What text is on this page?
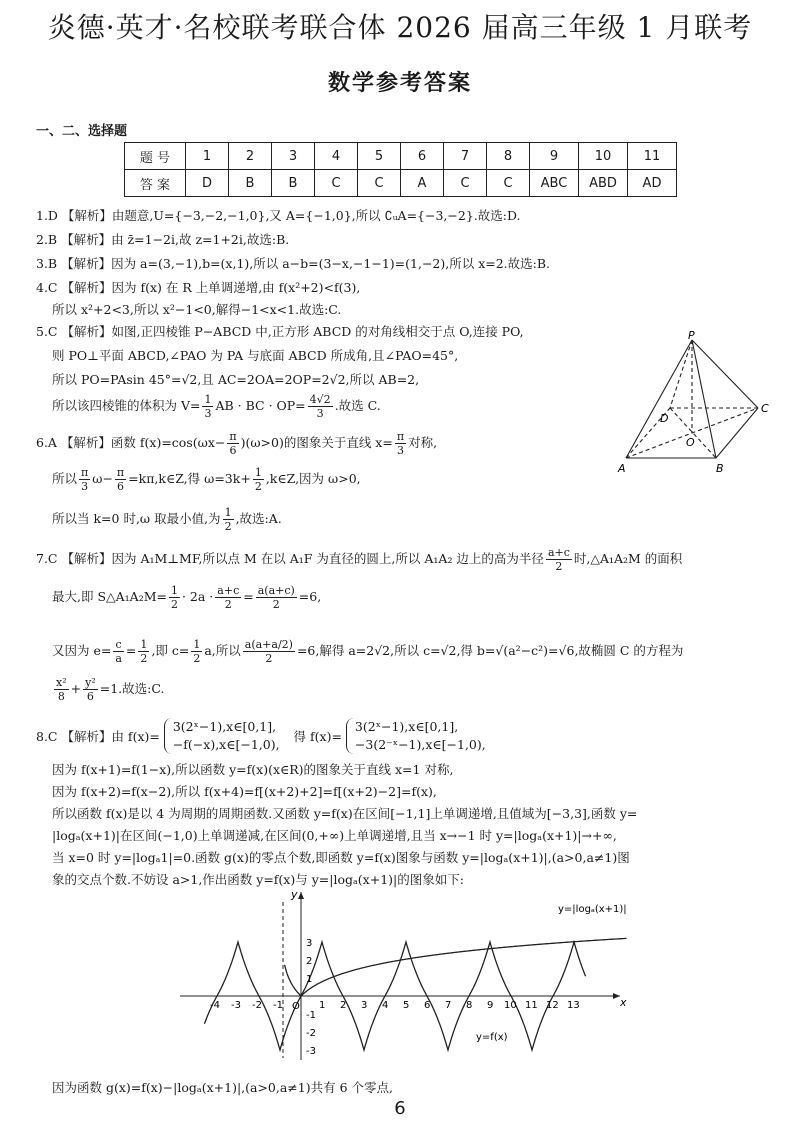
炎德·英才·名校联考联合体 2026 届高三年级 1 月联考
数学参考答案
一、二、选择题
题 号	1	2	3	4	5	6	7	8	9	10	11
答 案	D	B	B	C	C	A	C	C	ABC	ABD	AD
1.D 【解析】由题意,U={−3,−2,−1,0},又 A={−1,0},所以 ∁ᵤA={−3,−2}.故选:D.
2.B 【解析】由 z̄=1−2i,故 z=1+2i,故选:B.
3.B 【解析】因为 a=(3,−1),b=(x,1),所以 a−b=(3−x,−1−1)=(1,−2),所以 x=2.故选:B.
4.C 【解析】因为 f(x) 在 R 上单调递增,由 f(x²+2)<f(3),
所以 x²+2<3,所以 x²−1<0,解得−1<x<1.故选:C.
5.C 【解析】如图,正四棱锥 P−ABCD 中,正方形 ABCD 的对角线相交于点 O,连接 PO,
则 PO⊥平面 ABCD,∠PAO 为 PA 与底面 ABCD 所成角,且∠PAO=45°,
所以 PO=PAsin 45°=√2,且 AC=2OA=2OP=2√2,所以 AB=2,
所以该四棱锥的体积为 $V= \frac{1}{3}$ AB · BC · $OP= \frac{4√2}{3}$ .故选 C.
P
A	B
C
D
O
6.A 【解析】函数 $f(x)=\cos(\omega x- \frac{\pi}{6} )(\omega>0)$的图象关于直线 $x= \frac{\pi}{3}$ 对称,
所以 $\frac{\pi}{3} \omega- \frac{\pi}{6}$ =kπ,k∈Z,得 $\omega=3k+ \frac{1}{2}$ ,k∈Z,因为 ω>0,
所以当 k=0 时,ω 取最小值,为 $\frac{1}{2}$ ,故选:A.
7.C 【解析】因为 A₁M⊥MF,所以点 M 在以 A₁F 为直径的圆上,所以 A₁A₂ 边上的高为半径 $\frac{a+c}{2}$ 时,△A₁A₂M 的面积
最大,即 S△A₁A₂M= $\frac{1}{2} \cdot 2a \cdot \frac{a+c}{2} = \frac{a(a+c)}{2} =6$,
又因为 $e= \frac{c}{a} = \frac{1}{2}$ ,即 $c= \frac{1}{2} a$,所以 $\frac{a(a+a/2)}{2} =6$,解得 a=2√2,所以 c=√2,得 b=√(a²−c²)=√6,故椭圆 C 的方程为
$\frac{\text{x²}}{8} + \frac{\text{y²}}{6} =1$.故选:C.
8.C 【解析】由 f(x)=
3(2ˣ−1),x∈[0,1],
−f(−x),x∈[−1,0),
得 f(x)=
3(2ˣ−1),x∈[0,1],
−3(2⁻ˣ−1),x∈[−1,0),
因为 f(x+1)=f(1−x),所以函数 y=f(x)(x∈R)的图象关于直线 x=1 对称,
因为 f(x+2)=f(x−2),所以 f(x+4)=f[(x+2)+2]=f[(x+2)−2]=f(x),
所以函数 f(x)是以 4 为周期的周期函数.又函数 y=f(x)在区间[−1,1]上单调递增,且值域为[−3,3],函数 y=
|logₐ(x+1)|在区间(−1,0)上单调递减,在区间(0,+∞)上单调递增,且当 x→−1 时 y=|logₐ(x+1)|→+∞,
当 x=0 时 y=|logₐ1|=0.函数 g(x)的零点个数,即函数 y=f(x)图象与函数 y=|logₐ(x+1)|,(a>0,a≠1)图
象的交点个数.不妨设 a>1,作出函数 y=f(x)与 y=|logₐ(x+1)|的图象如下:
x
y
O
y=|logₐ(x+1)|
y=f(x)
-4 -3 -2 -1	1 2 3 4 5 6 7 8 9 10 11 12 13
3
2
1
-1
-2
-3
因为函数 g(x)=f(x)−|logₐ(x+1)|,(a>0,a≠1)共有 6 个零点,
6
